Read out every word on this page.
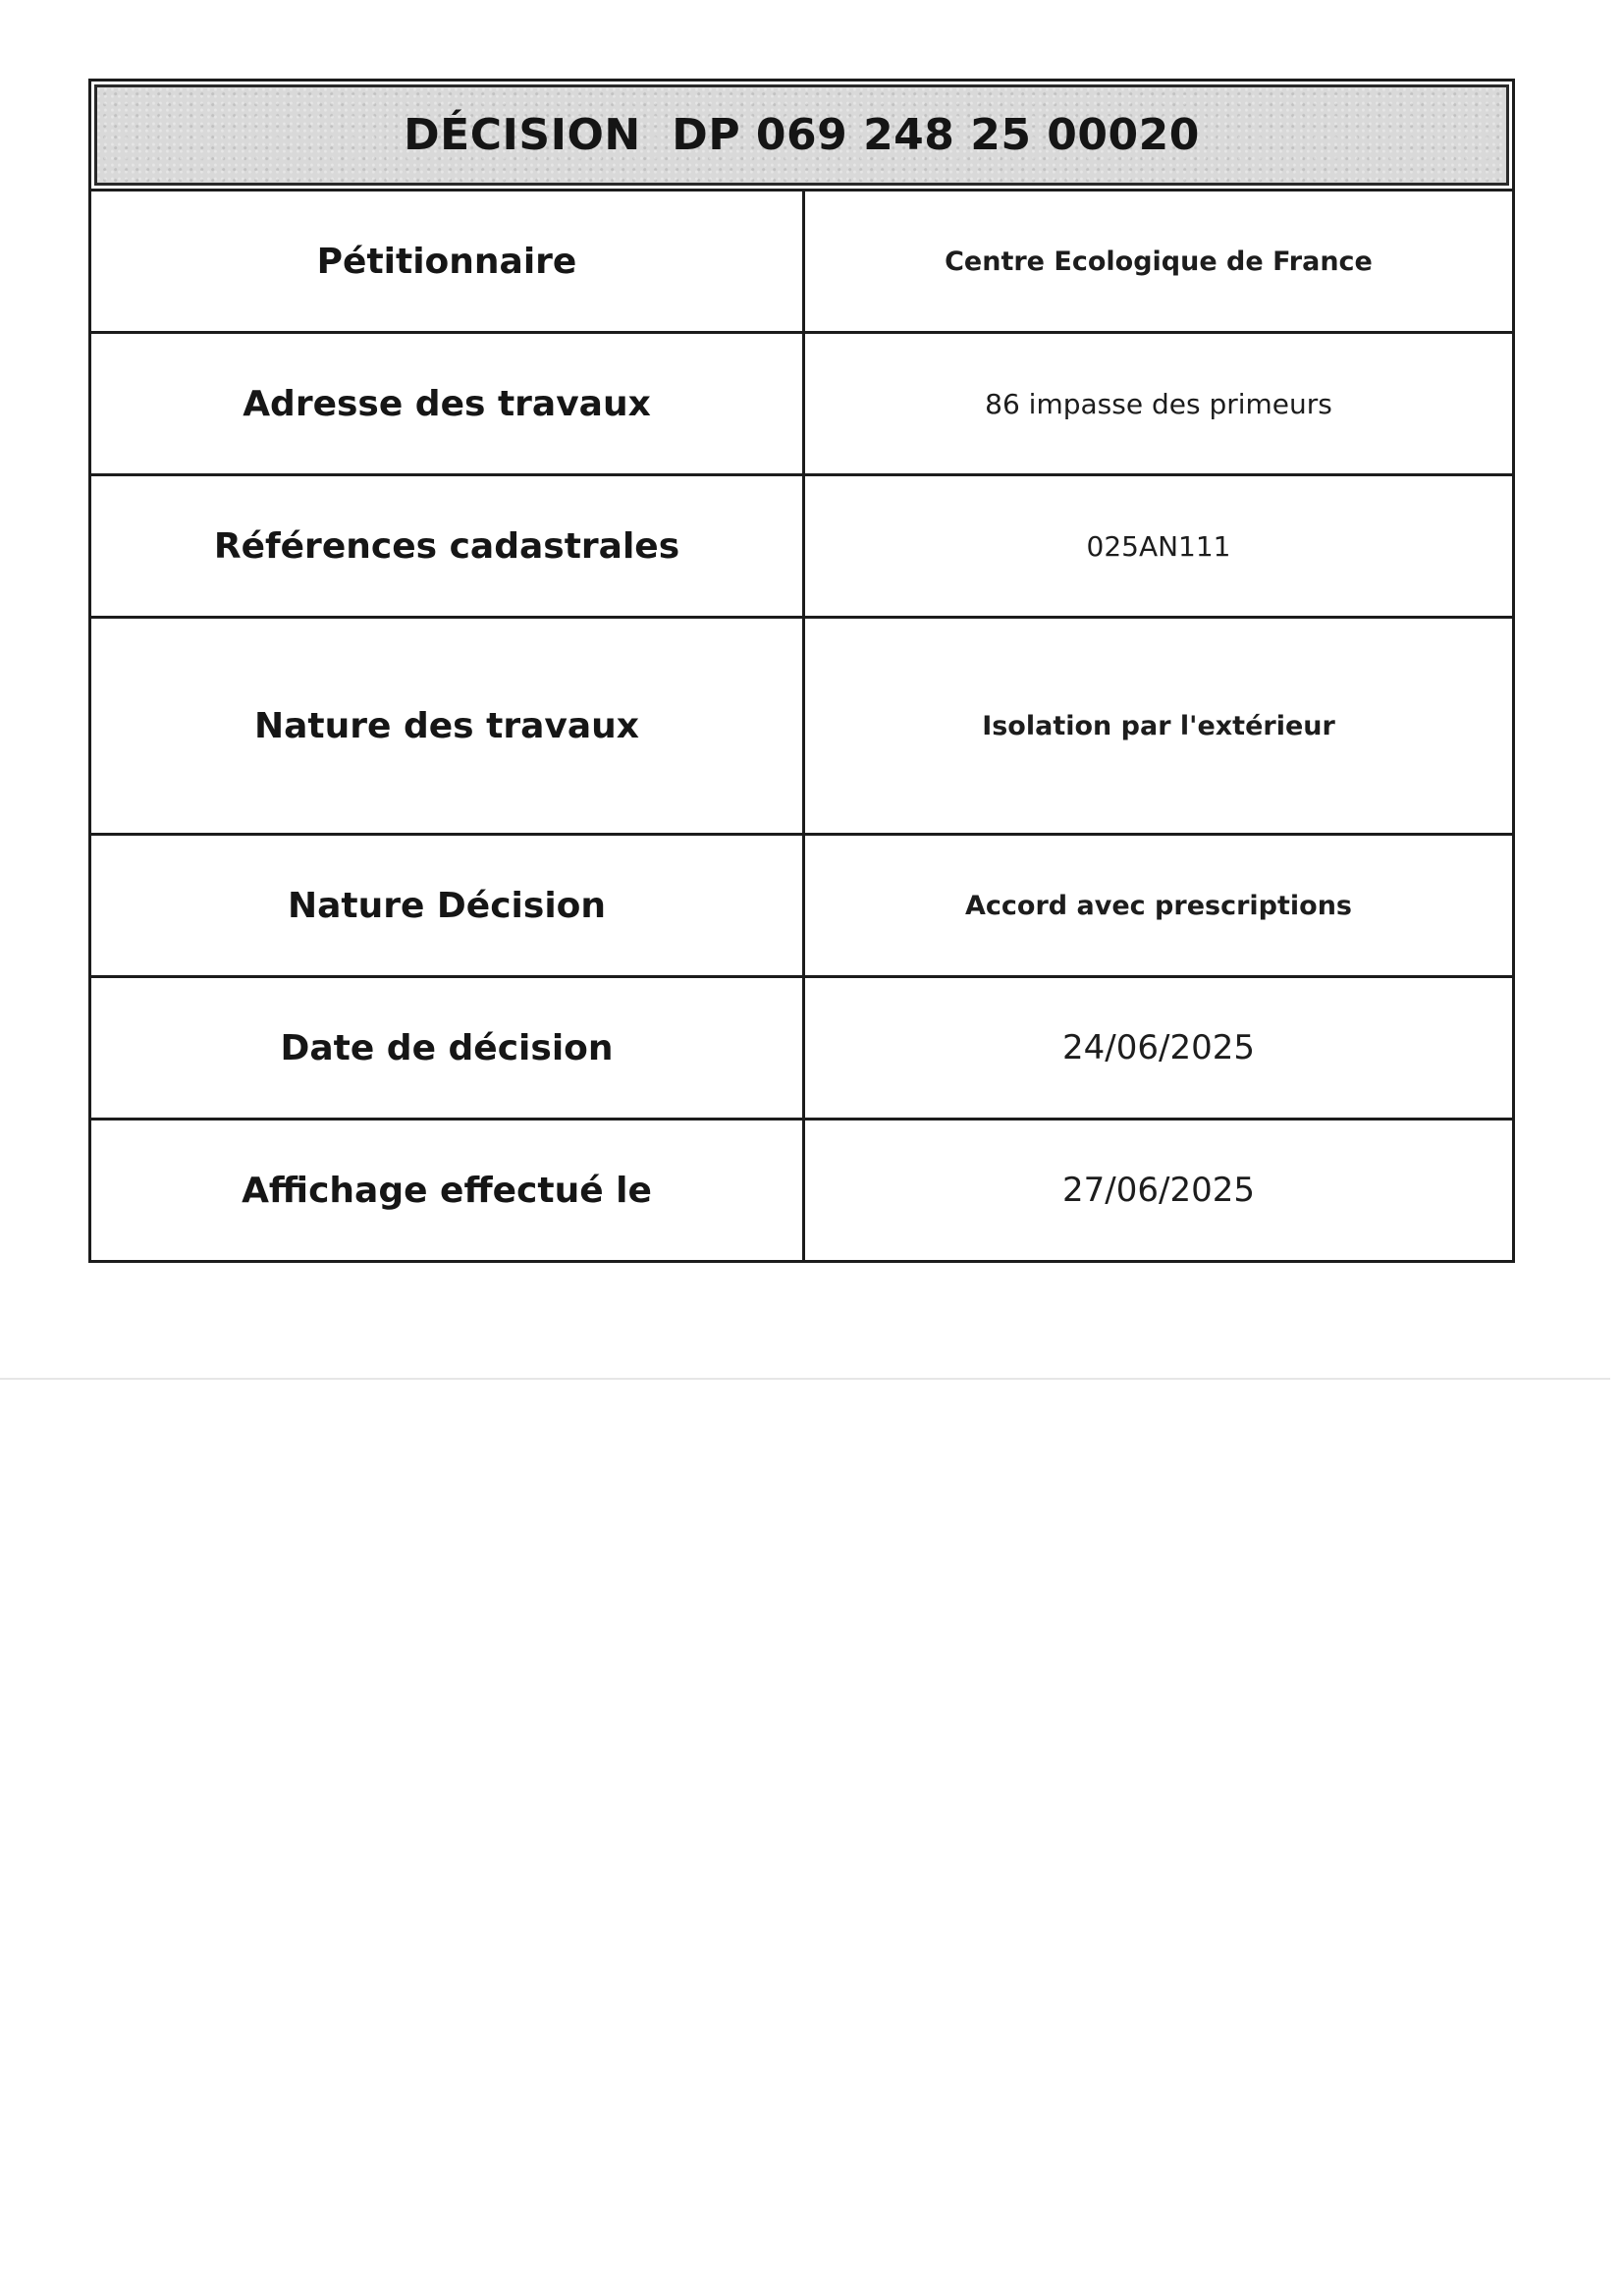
DÉCISION  DP 069 248 25 00020
Pétitionnaire	Centre Ecologique de France
Adresse des travaux	86 impasse des primeurs
Références cadastrales	025AN111
Nature des travaux	Isolation par l'extérieur
Nature Décision	Accord avec prescriptions
Date de décision	24/06/2025
Affichage effectué le	27/06/2025
